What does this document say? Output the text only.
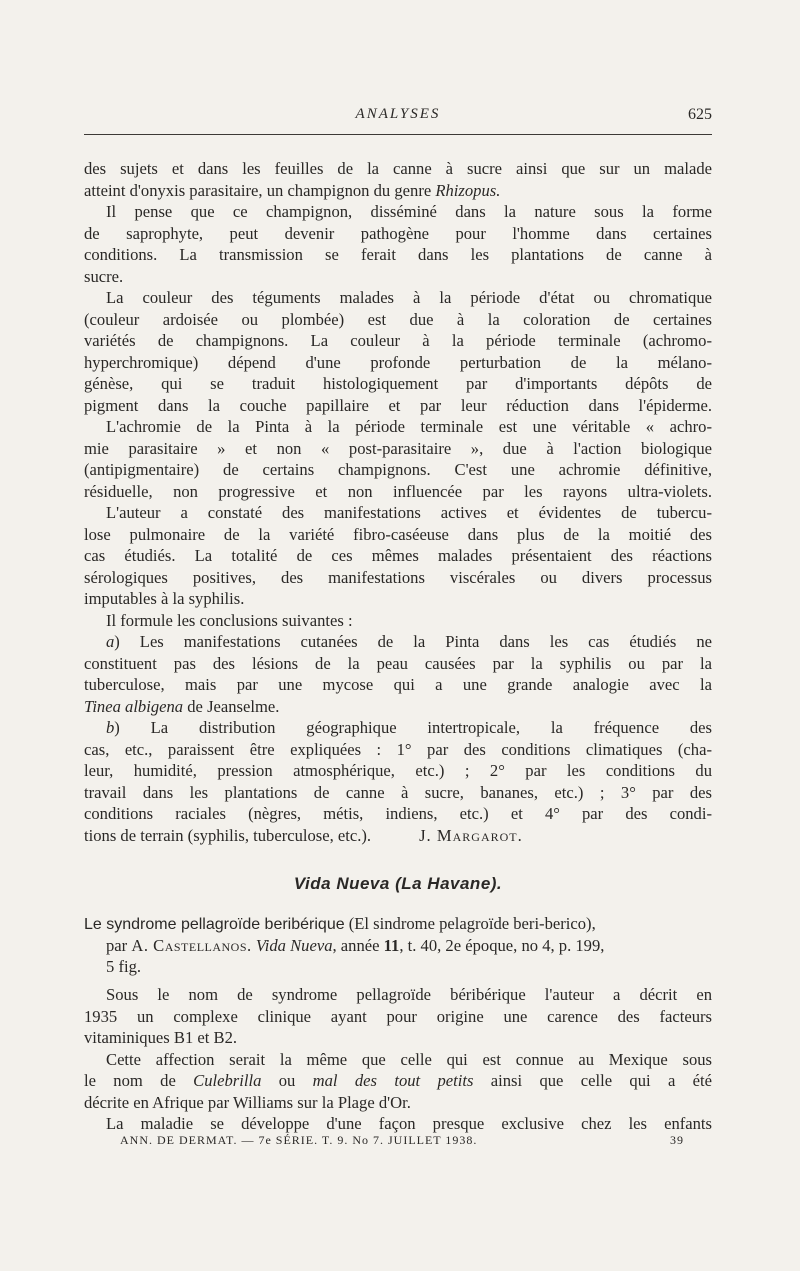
ANALYSES	625
des sujets et dans les feuilles de la canne à sucre ainsi que sur un malade
atteint d'onyxis parasitaire, un champignon du genre Rhizopus.
Il pense que ce champignon, disséminé dans la nature sous la forme
de saprophyte, peut devenir pathogène pour l'homme dans certaines
conditions. La transmission se ferait dans les plantations de canne à
sucre.
La couleur des téguments malades à la période d'état ou chromatique
(couleur ardoisée ou plombée) est due à la coloration de certaines
variétés de champignons. La couleur à la période terminale (achromo-
hyperchromique) dépend d'une profonde perturbation de la mélano-
génèse, qui se traduit histologiquement par d'importants dépôts de
pigment dans la couche papillaire et par leur réduction dans l'épiderme.
L'achromie de la Pinta à la période terminale est une véritable « achro-
mie parasitaire » et non « post-parasitaire », due à l'action biologique
(antipigmentaire) de certains champignons. C'est une achromie définitive,
résiduelle, non progressive et non influencée par les rayons ultra-violets.
L'auteur a constaté des manifestations actives et évidentes de tubercu-
lose pulmonaire de la variété fibro-caséeuse dans plus de la moitié des
cas étudiés. La totalité de ces mêmes malades présentaient des réactions
sérologiques positives, des manifestations viscérales ou divers processus
imputables à la syphilis.
Il formule les conclusions suivantes :
a) Les manifestations cutanées de la Pinta dans les cas étudiés ne
constituent pas des lésions de la peau causées par la syphilis ou par la
tuberculose, mais par une mycose qui a une grande analogie avec la
Tinea albigena de Jeanselme.
b) La distribution géographique intertropicale, la fréquence des
cas, etc., paraissent être expliquées : 1° par des conditions climatiques (cha-
leur, humidité, pression atmosphérique, etc.) ; 2° par les conditions du
travail dans les plantations de canne à sucre, bananes, etc.) ; 3° par des
conditions raciales (nègres, métis, indiens, etc.) et 4° par des condi-
tions de terrain (syphilis, tuberculose, etc.).	J. Margarot.
Vida Nueva (La Havane).
Le syndrome pellagroïde beribérique (El sindrome pelagroïde beri-berico),
par A. Castellanos. Vida Nueva, année 11, t. 40, 2e époque, no 4, p. 199,
5 fig.
Sous le nom de syndrome pellagroïde béribérique l'auteur a décrit en
1935 un complexe clinique ayant pour origine une carence des facteurs
vitaminiques B1 et B2.
Cette affection serait la même que celle qui est connue au Mexique sous
le nom de Culebrilla ou mal des tout petits ainsi que celle qui a été
décrite en Afrique par Williams sur la Plage d'Or.
La maladie se développe d'une façon presque exclusive chez les enfants
ANN. DE DERMAT. — 7e SÉRIE. T. 9. No 7. JUILLET 1938.	39
